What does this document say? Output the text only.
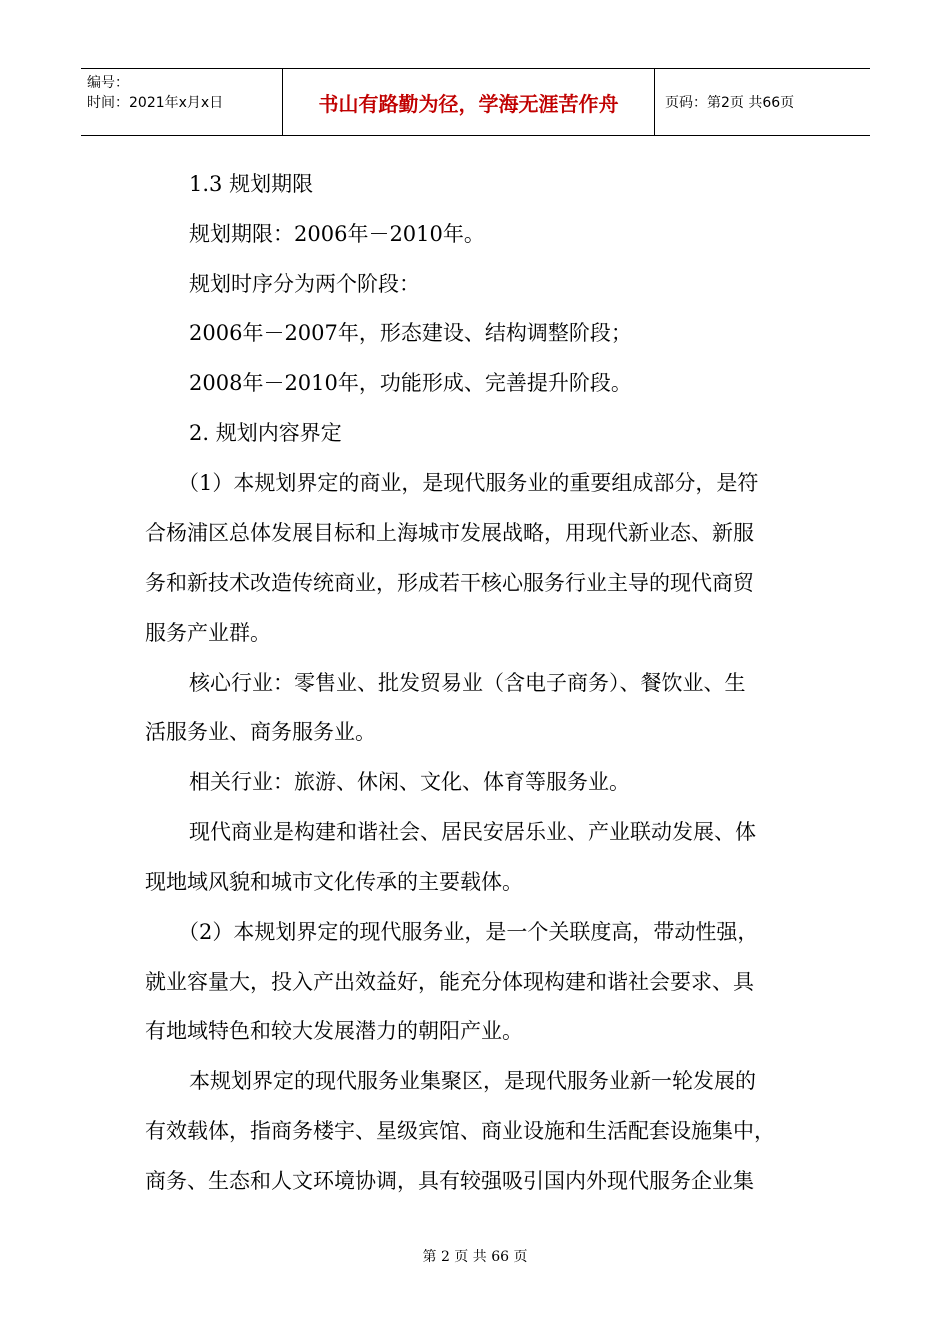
编号：
时间：2021年x月x日	书山有路勤为径，学海无涯苦作舟	页码：第2页 共66页
1.3 规划期限
规划期限：2006年－2010年。
规划时序分为两个阶段：
2006年－2007年，形态建设、结构调整阶段；
2008年－2010年，功能形成、完善提升阶段。
2. 规划内容界定
（1）本规划界定的商业，是现代服务业的重要组成部分，是符
合杨浦区总体发展目标和上海城市发展战略，用现代新业态、新服
务和新技术改造传统商业，形成若干核心服务行业主导的现代商贸
服务产业群。
核心行业：零售业、批发贸易业（含电子商务）、餐饮业、生
活服务业、商务服务业。
相关行业：旅游、休闲、文化、体育等服务业。
现代商业是构建和谐社会、居民安居乐业、产业联动发展、体
现地域风貌和城市文化传承的主要载体。
（2）本规划界定的现代服务业，是一个关联度高，带动性强，
就业容量大，投入产出效益好，能充分体现构建和谐社会要求、具
有地域特色和较大发展潜力的朝阳产业。
本规划界定的现代服务业集聚区，是现代服务业新一轮发展的
有效载体，指商务楼宇、星级宾馆、商业设施和生活配套设施集中，
商务、生态和人文环境协调，具有较强吸引国内外现代服务企业集
第 2 页 共 66 页
